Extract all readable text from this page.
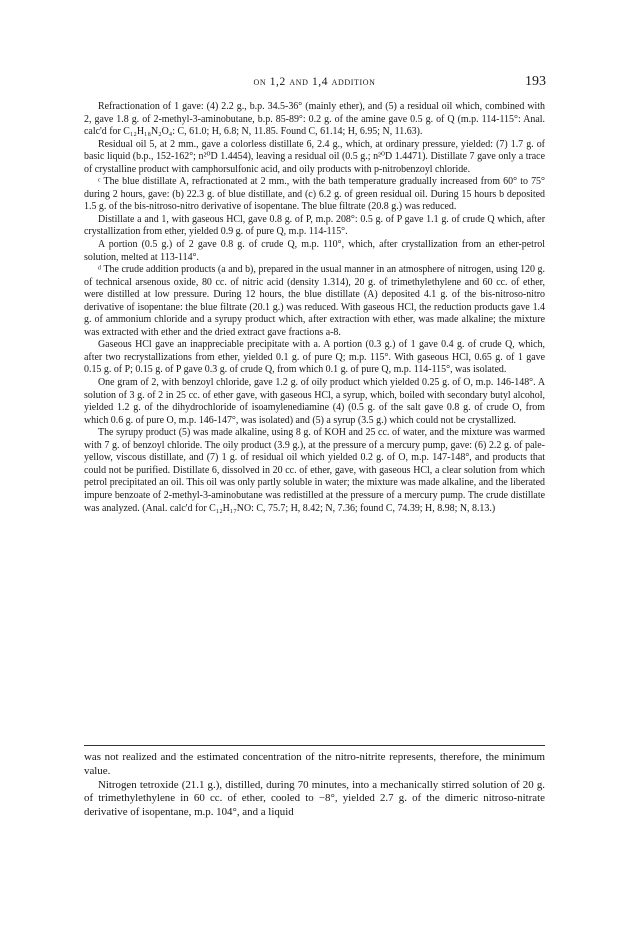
on 1,2 and 1,4 addition	193

Refractionation of 1 gave: (4) 2.2 g., b.p. 34.5-36° (mainly ether), and (5) a residual oil which, combined with 2, gave 1.8 g. of 2-methyl-3-aminobutane, b.p. 85-89°: 0.2 g. of the amine gave 0.5 g. of Q (m.p. 114-115°: Anal. calc'd for C₁₂H₁₈N₂O₄: C, 61.0; H, 6.8; N, 11.85. Found C, 61.14; H, 6.95; N, 11.63).

Residual oil 5, at 2 mm., gave a colorless distillate 6, 2.4 g., which, at ordinary pressure, yielded: (7) 1.7 g. of basic liquid (b.p., 152-162°; n²⁰D 1.4454), leaving a residual oil (0.5 g.; n²⁰D 1.4471). Distillate 7 gave only a trace of crystalline product with camphorsulfonic acid, and oily products with p-nitrobenzoyl chloride.

ᶜ The blue distillate A, refractionated at 2 mm., with the bath temperature gradually increased from 60° to 75° during 2 hours, gave: (b) 22.3 g. of blue distillate, and (c) 6.2 g. of green residual oil. During 15 hours b deposited 1.5 g. of the bis-nitroso-nitro derivative of isopentane. The blue filtrate (20.8 g.) was reduced.

Distillate a and 1, with gaseous HCl, gave 0.8 g. of P, m.p. 208°: 0.5 g. of P gave 1.1 g. of crude Q which, after crystallization from ether, yielded 0.9 g. of pure Q, m.p. 114-115°.

A portion (0.5 g.) of 2 gave 0.8 g. of crude Q, m.p. 110°, which, after crystallization from an ether-petrol solution, melted at 113-114°.

ᵈ The crude addition products (a and b), prepared in the usual manner in an atmosphere of nitrogen, using 120 g. of technical arsenous oxide, 80 cc. of nitric acid (density 1.314), 20 g. of trimethylethylene and 60 cc. of ether, were distilled at low pressure. During 12 hours, the blue distillate (A) deposited 4.1 g. of the bis-nitroso-nitro derivative of isopentane: the blue filtrate (20.1 g.) was reduced. With gaseous HCl, the reduction products gave 1.4 g. of ammonium chloride and a syrupy product which, after extraction with ether, was made alkaline; the mixture was extracted with ether and the dried extract gave fractions a-8.

Gaseous HCl gave an inappreciable precipitate with a. A portion (0.3 g.) of 1 gave 0.4 g. of crude Q, which, after two recrystallizations from ether, yielded 0.1 g. of pure Q; m.p. 115°. With gaseous HCl, 0.65 g. of 1 gave 0.15 g. of P; 0.15 g. of P gave 0.3 g. of crude Q, from which 0.1 g. of pure Q, m.p. 114-115°, was isolated.

One gram of 2, with benzoyl chloride, gave 1.2 g. of oily product which yielded 0.25 g. of O, m.p. 146-148°. A solution of 3 g. of 2 in 25 cc. of ether gave, with gaseous HCl, a syrup, which, boiled with secondary butyl alcohol, yielded 1.2 g. of the dihydrochloride of isoamylenediamine (4) (0.5 g. of the salt gave 0.8 g. of crude O, from which 0.6 g. of pure O, m.p. 146-147°, was isolated) and (5) a syrup (3.5 g.) which could not be crystallized.

The syrupy product (5) was made alkaline, using 8 g. of KOH and 25 cc. of water, and the mixture was warmed with 7 g. of benzoyl chloride. The oily product (3.9 g.), at the pressure of a mercury pump, gave: (6) 2.2 g. of pale-yellow, viscous distillate, and (7) 1 g. of residual oil which yielded 0.2 g. of O, m.p. 147-148°, and products that could not be purified. Distillate 6, dissolved in 20 cc. of ether, gave, with gaseous HCl, a clear solution from which petrol precipitated an oil. This oil was only partly soluble in water; the mixture was made alkaline, and the liberated impure benzoate of 2-methyl-3-aminobutane was redistilled at the pressure of a mercury pump. The crude distillate was analyzed. (Anal. calc'd for C₁₂H₁₇NO: C, 75.7; H, 8.42; N, 7.36; found C, 74.39; H, 8.98; N, 8.13.)

was not realized and the estimated concentration of the nitro-nitrite represents, therefore, the minimum value.

Nitrogen tetroxide (21.1 g.), distilled, during 70 minutes, into a mechanically stirred solution of 20 g. of trimethylethylene in 60 cc. of ether, cooled to −8°, yielded 2.7 g. of the dimeric nitroso-nitrate derivative of isopentane, m.p. 104°, and a liquid
